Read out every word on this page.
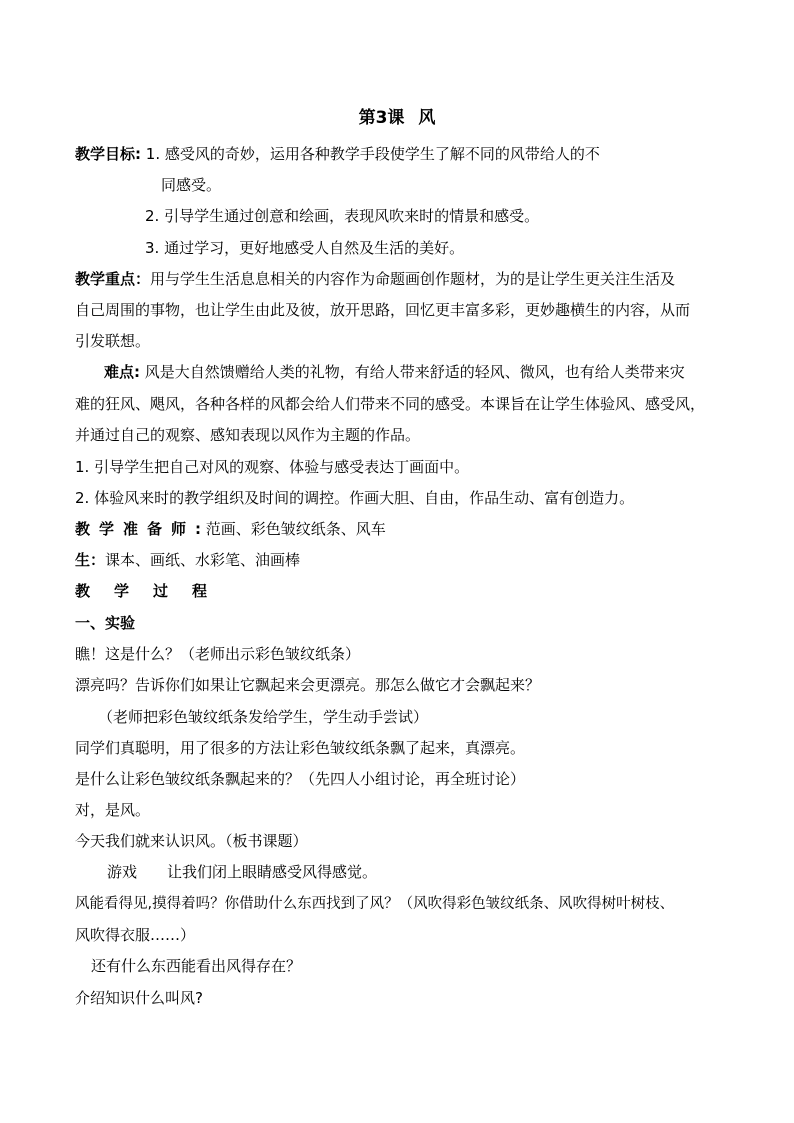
第3课 风
教学目标: 1. 感受风的奇妙，运用各种教学手段使学生了解不同的风带给人的不
同感受。
2. 引导学生通过创意和绘画，表现风吹来时的情景和感受。
3. 通过学习，更好地感受人自然及生活的美好。
教学重点：用与学生生活息息相关的内容作为命题画创作题材，为的是让学生更关注生活及
自己周围的事物，也让学生由此及彼，放开思路，回忆更丰富多彩，更妙趣横生的内容，从而
引发联想。
难点: 风是大自然馈赠给人类的礼物，有给人带来舒适的轻风、微风，也有给人类带来灾
难的狂风、飓风，各种各样的风都会给人们带来不同的感受。本课旨在让学生体验风、感受风，
并通过自己的观察、感知表现以风作为主题的作品。
1. 引导学生把自己对风的观察、体验与感受表达丁画面中。
2. 体验风来时的教学组织及时间的调控。作画大胆、自由，作品生动、富有创造力。
教学准备师: 范画、彩色皱纹纸条、风车
生：课本、画纸、水彩笔、油画棒
教学过程
一、实验
瞧！这是什么？（老师出示彩色皱纹纸条）
漂亮吗？告诉你们如果让它飘起来会更漂亮。那怎么做它才会飘起来？
（老师把彩色皱纹纸条发给学生，学生动手尝试）
同学们真聪明，用了很多的方法让彩色皱纹纸条飘了起来，真漂亮。
是什么让彩色皱纹纸条飘起来的？（先四人小组讨论，再全班讨论）
对，是风。
今天我们就来认识风。（板书课题）
游戏	让我们闭上眼睛感受风得感觉。
风能看得见,摸得着吗？你借助什么东西找到了风？（风吹得彩色皱纹纸条、风吹得树叶树枝、
风吹得衣服……）
还有什么东西能看出风得存在？
介绍知识什么叫风?
